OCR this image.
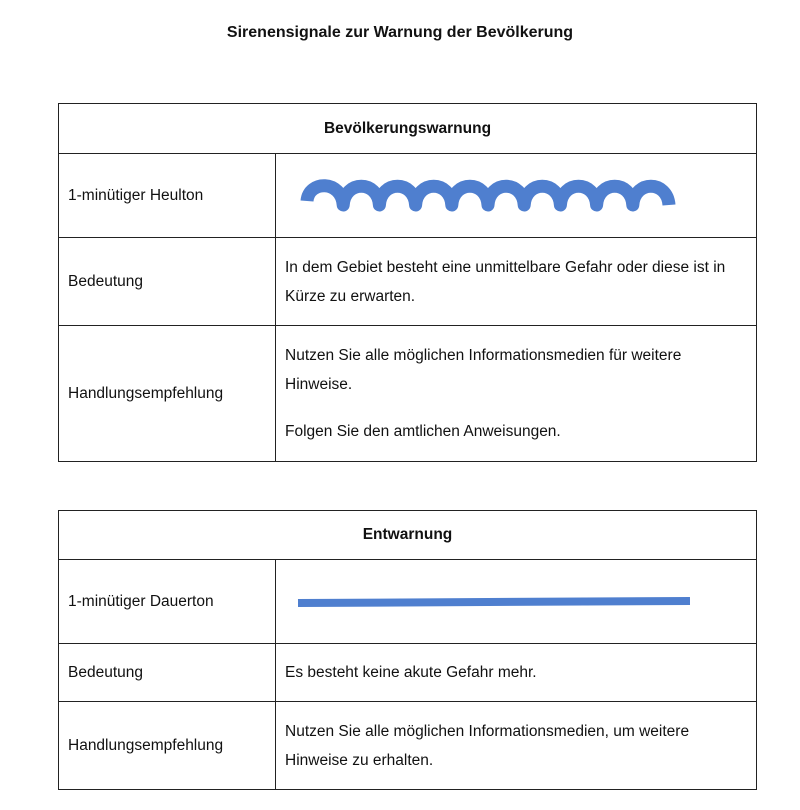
Sirenensignale zur Warnung der Bevölkerung
Bevölkerungswarnung	
1-minütiger Heulton	

Bedeutung	In dem Gebiet besteht eine unmittelbare Gefahr oder diese ist in Kürze zu erwarten.

Handlungsempfehlung	Nutzen Sie alle möglichen Informationsmedien für weitere Hinweise.

Folgen Sie den amtlichen Anweisungen.

Entwarnung	
1-minütiger Dauerton	

Bedeutung	Es besteht keine akute Gefahr mehr.

Handlungsempfehlung	Nutzen Sie alle möglichen Informationsmedien, um weitere Hinweise zu erhalten.
